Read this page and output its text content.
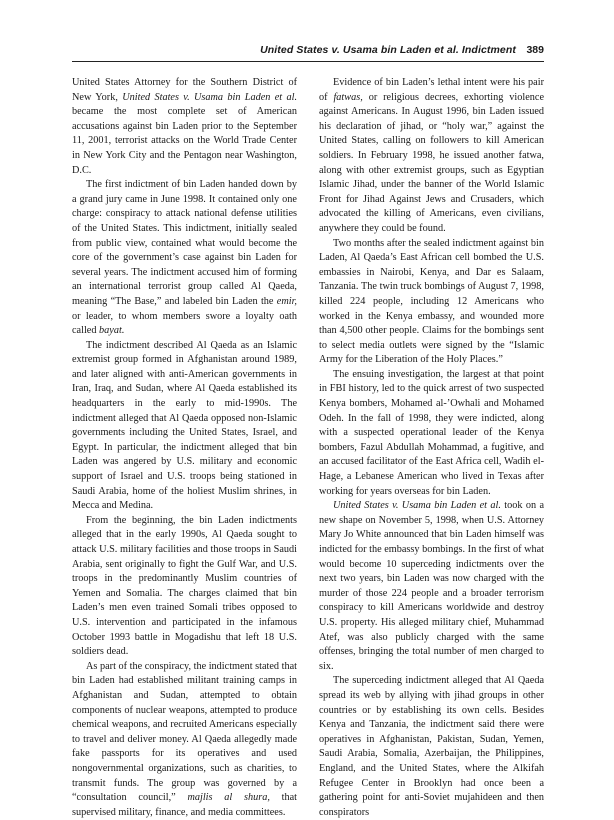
United States v. Usama bin Laden et al. Indictment 389

United States Attorney for the Southern District of New York, United States v. Usama bin Laden et al. became the most complete set of American accusations against bin Laden prior to the September 11, 2001, terrorist attacks on the World Trade Center in New York City and the Pentagon near Washington, D.C.

The first indictment of bin Laden handed down by a grand jury came in June 1998. It contained only one charge: conspiracy to attack national defense utilities of the United States. This indictment, initially sealed from public view, contained what would become the core of the government’s case against bin Laden for several years. The indictment accused him of forming an international terrorist group called Al Qaeda, meaning “The Base,” and labeled bin Laden the emir, or leader, to whom members swore a loyalty oath called bayat.

The indictment described Al Qaeda as an Islamic extremist group formed in Afghanistan around 1989, and later aligned with anti-American governments in Iran, Iraq, and Sudan, where Al Qaeda established its headquarters in the early to mid-1990s. The indictment alleged that Al Qaeda opposed non-Islamic governments including the United States, Israel, and Egypt. In particular, the indictment alleged that bin Laden was angered by U.S. military and economic support of Israel and U.S. troops being stationed in Saudi Arabia, home of the holiest Muslim shrines, in Mecca and Medina.

From the beginning, the bin Laden indictments alleged that in the early 1990s, Al Qaeda sought to attack U.S. military facilities and those troops in Saudi Arabia, sent originally to fight the Gulf War, and U.S. troops in the predominantly Muslim countries of Yemen and Somalia. The charges claimed that bin Laden’s men even trained Somali tribes opposed to U.S. intervention and participated in the infamous October 1993 battle in Mogadishu that left 18 U.S. soldiers dead.

As part of the conspiracy, the indictment stated that bin Laden had established militant training camps in Afghanistan and Sudan, attempted to obtain components of nuclear weapons, attempted to produce chemical weapons, and recruited Americans especially to travel and deliver money. Al Qaeda allegedly made fake passports for its operatives and used nongovernmental organizations, such as charities, to transmit funds. The group was governed by a “consultation council,” majlis al shura, that supervised military, finance, and media committees.

Evidence of bin Laden’s lethal intent were his pair of fatwas, or religious decrees, exhorting violence against Americans. In August 1996, bin Laden issued his declaration of jihad, or “holy war,” against the United States, calling on followers to kill American soldiers. In February 1998, he issued another fatwa, along with other extremist groups, such as Egyptian Islamic Jihad, under the banner of the World Islamic Front for Jihad Against Jews and Crusaders, which advocated the killing of Americans, even civilians, anywhere they could be found.

Two months after the sealed indictment against bin Laden, Al Qaeda’s East African cell bombed the U.S. embassies in Nairobi, Kenya, and Dar es Salaam, Tanzania. The twin truck bombings of August 7, 1998, killed 224 people, including 12 Americans who worked in the Kenya embassy, and wounded more than 4,500 other people. Claims for the bombings sent to select media outlets were signed by the “Islamic Army for the Liberation of the Holy Places.”

The ensuing investigation, the largest at that point in FBI history, led to the quick arrest of two suspected Kenya bombers, Mohamed al-’Owhali and Mohamed Odeh. In the fall of 1998, they were indicted, along with a suspected operational leader of the Kenya bombers, Fazul Abdullah Mohammad, a fugitive, and an accused facilitator of the East Africa cell, Wadih el-Hage, a Lebanese American who lived in Texas after working for years overseas for bin Laden.

United States v. Usama bin Laden et al. took on a new shape on November 5, 1998, when U.S. Attorney Mary Jo White announced that bin Laden himself was indicted for the embassy bombings. In the first of what would become 10 superceding indictments over the next two years, bin Laden was now charged with the murder of those 224 people and a broader terrorism conspiracy to kill Americans worldwide and destroy U.S. property. His alleged military chief, Muhammad Atef, was also publicly charged with the same offenses, bringing the total number of men charged to six.

The superceding indictment alleged that Al Qaeda spread its web by allying with jihad groups in other countries or by establishing its own cells. Besides Kenya and Tanzania, the indictment said there were operatives in Afghanistan, Pakistan, Sudan, Yemen, Saudi Arabia, Somalia, Azerbaijan, the Philippines, England, and the United States, where the Alkifah Refugee Center in Brooklyn had once been a gathering point for anti-Soviet mujahideen and then conspirators
